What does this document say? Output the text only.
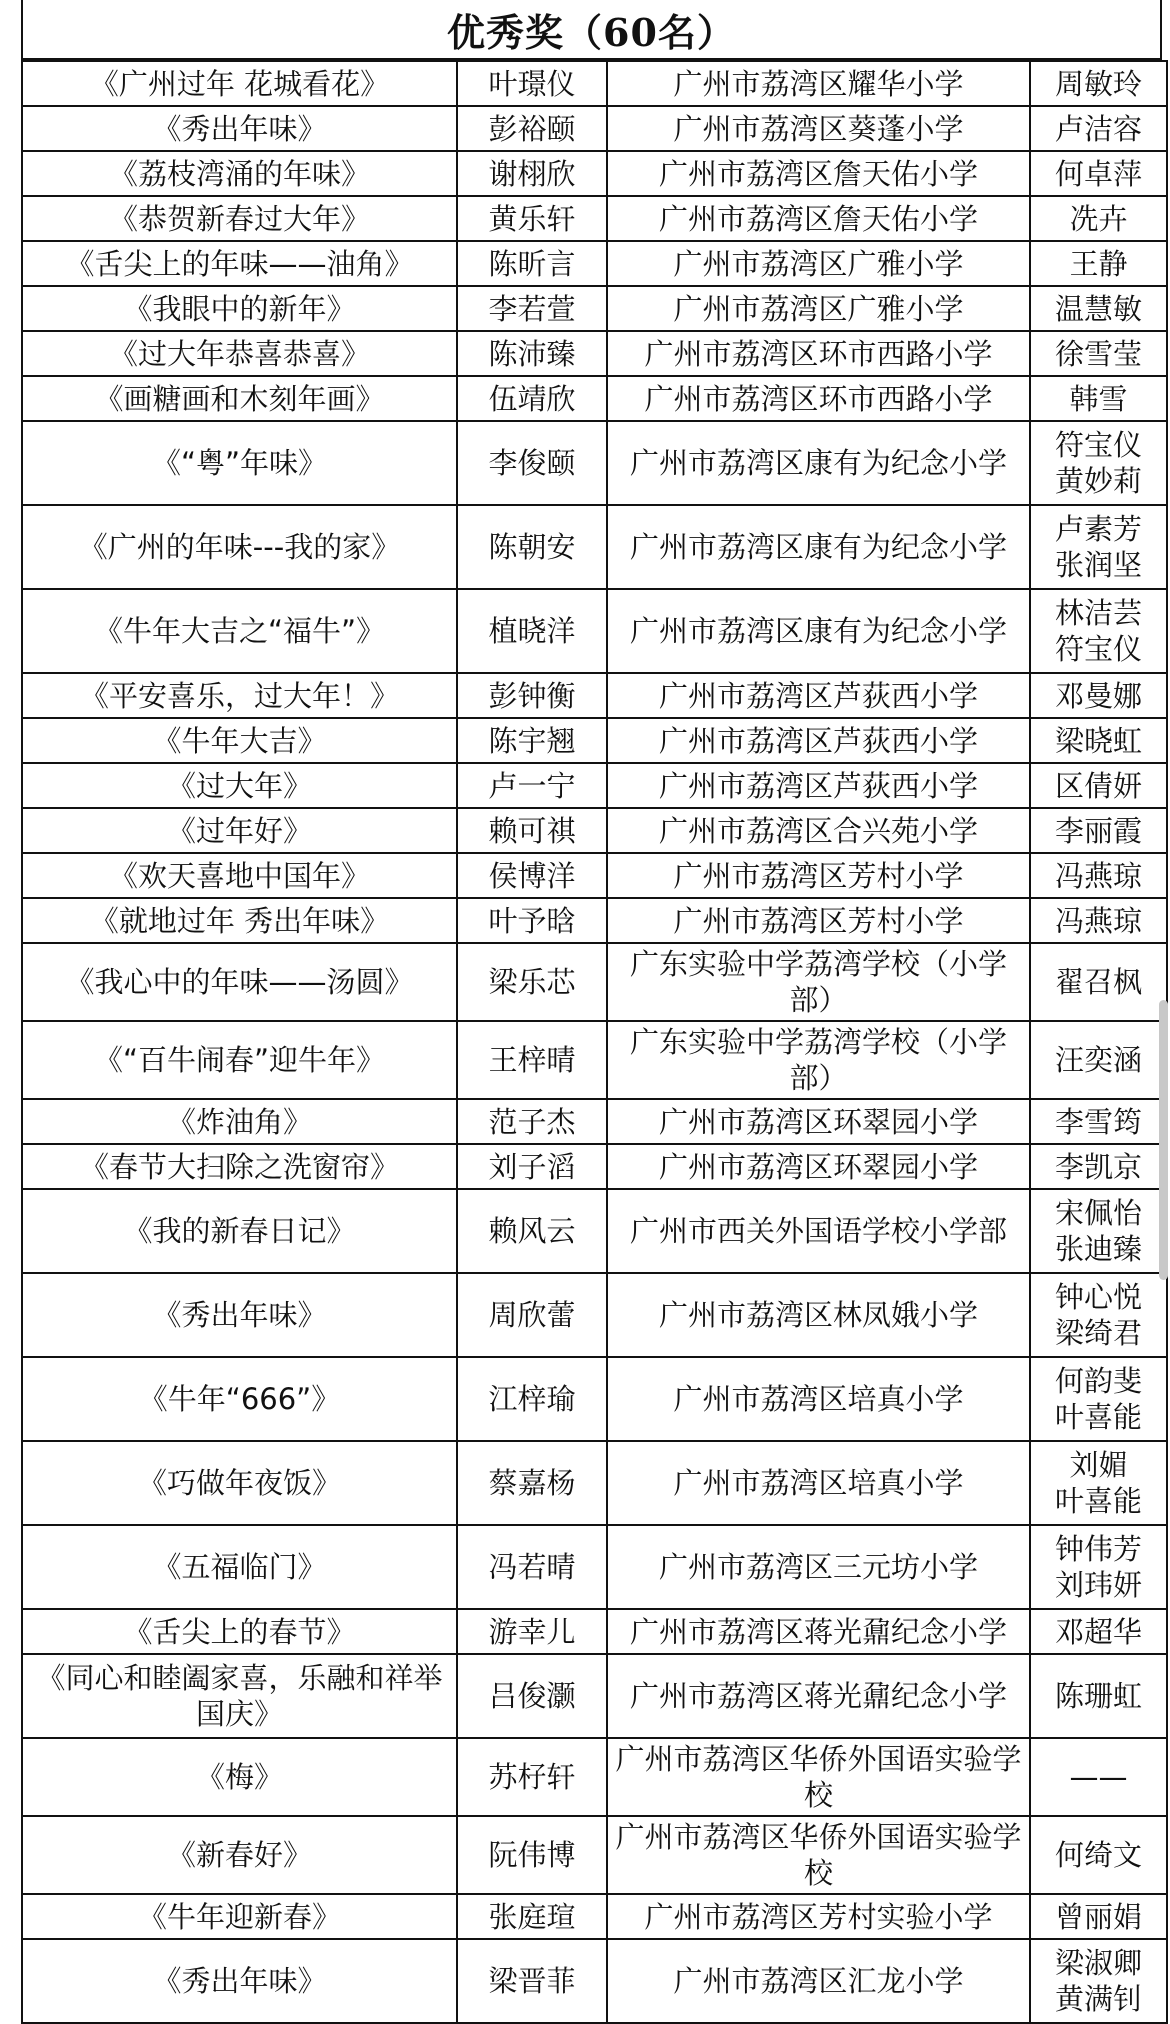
优秀奖（60名）
《广州过年 花城看花》	叶璟仪	广州市荔湾区耀华小学	周敏玲
《秀出年味》	彭裕颐	广州市荔湾区葵蓬小学	卢洁容
《荔枝湾涌的年味》	谢栩欣	广州市荔湾区詹天佑小学	何卓萍
《恭贺新春过大年》	黄乐轩	广州市荔湾区詹天佑小学	冼卉
《舌尖上的年味——油角》	陈昕言	广州市荔湾区广雅小学	王静
《我眼中的新年》	李若萱	广州市荔湾区广雅小学	温慧敏
《过大年恭喜恭喜》	陈沛臻	广州市荔湾区环市西路小学	徐雪莹
《画糖画和木刻年画》	伍靖欣	广州市荔湾区环市西路小学	韩雪
《“粤”年味》	李俊颐	广州市荔湾区康有为纪念小学	符宝仪
黄妙莉
《广州的年味---我的家》	陈朝安	广州市荔湾区康有为纪念小学	卢素芳
张润坚
《牛年大吉之“福牛”》	植晓洋	广州市荔湾区康有为纪念小学	林洁芸
符宝仪
《平安喜乐，过大年！》	彭钟衡	广州市荔湾区芦荻西小学	邓曼娜
《牛年大吉》	陈宇翘	广州市荔湾区芦荻西小学	梁晓虹
《过大年》	卢一宁	广州市荔湾区芦荻西小学	区倩妍
《过年好》	赖可祺	广州市荔湾区合兴苑小学	李丽霞
《欢天喜地中国年》	侯博洋	广州市荔湾区芳村小学	冯燕琼
《就地过年 秀出年味》	叶予晗	广州市荔湾区芳村小学	冯燕琼
《我心中的年味——汤圆》	梁乐芯	广东实验中学荔湾学校（小学部）	翟召枫
《“百牛闹春”迎牛年》	王梓晴	广东实验中学荔湾学校（小学部）	汪奕涵
《炸油角》	范子杰	广州市荔湾区环翠园小学	李雪筠
《春节大扫除之洗窗帘》	刘子滔	广州市荔湾区环翠园小学	李凯京
《我的新春日记》	赖风云	广州市西关外国语学校小学部	宋佩怡
张迪臻
《秀出年味》	周欣蕾	广州市荔湾区林凤娥小学	钟心悦
梁绮君
《牛年“666”》	江梓瑜	广州市荔湾区培真小学	何韵斐
叶喜能
《巧做年夜饭》	蔡嘉杨	广州市荔湾区培真小学	刘媚
叶喜能
《五福临门》	冯若晴	广州市荔湾区三元坊小学	钟伟芳
刘玮妍
《舌尖上的春节》	游幸儿	广州市荔湾区蒋光鼐纪念小学	邓超华
《同心和睦阖家喜，乐融和祥举国庆》	吕俊灏	广州市荔湾区蒋光鼐纪念小学	陈珊虹
《梅》	苏杍轩	广州市荔湾区华侨外国语实验学校	——
《新春好》	阮伟博	广州市荔湾区华侨外国语实验学校	何绮文
《牛年迎新春》	张庭瑄	广州市荔湾区芳村实验小学	曾丽娟
《秀出年味》	梁晋菲	广州市荔湾区汇龙小学	梁淑卿
黄满钊
